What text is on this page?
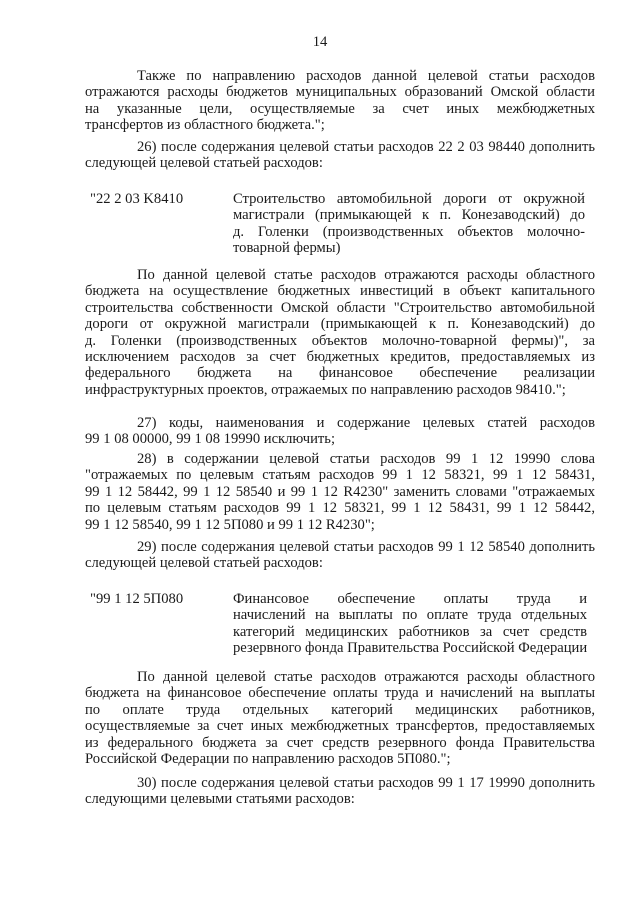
14
Также по направлению расходов данной целевой статьи расходов
отражаются расходы бюджетов муниципальных образований Омской области
на указанные цели, осуществляемые за счет иных межбюджетных
трансфертов из областного бюджета.";
26) после содержания целевой статьи расходов 22 2 03 98440 дополнить
следующей целевой статьей расходов:
"22 2 03 K8410	Строительство автомобильной дороги от окружной
магистрали (примыкающей к п. Конезаводский) до
д. Голенки (производственных объектов молочно-
товарной фермы)
По данной целевой статье расходов отражаются расходы областного
бюджета на осуществление бюджетных инвестиций в объект капитального
строительства собственности Омской области "Строительство автомобильной
дороги от окружной магистрали (примыкающей к п. Конезаводский) до
д. Голенки (производственных объектов молочно-товарной фермы)", за
исключением расходов за счет бюджетных кредитов, предоставляемых из
федерального бюджета на финансовое обеспечение реализации
инфраструктурных проектов, отражаемых по направлению расходов 98410.";
27) коды, наименования и содержание целевых статей расходов
99 1 08 00000, 99 1 08 19990 исключить;
28) в содержании целевой статьи расходов 99 1 12 19990 слова
"отражаемых по целевым статьям расходов 99 1 12 58321, 99 1 12 58431,
99 1 12 58442, 99 1 12 58540 и 99 1 12 R4230" заменить словами "отражаемых
по целевым статьям расходов 99 1 12 58321, 99 1 12 58431, 99 1 12 58442,
99 1 12 58540, 99 1 12 5П080 и 99 1 12 R4230";
29) после содержания целевой статьи расходов 99 1 12 58540 дополнить
следующей целевой статьей расходов:
"99 1 12 5П080	Финансовое обеспечение оплаты труда и
начислений на выплаты по оплате труда отдельных
категорий медицинских работников за счет средств
резервного фонда Правительства Российской Федерации
По данной целевой статье расходов отражаются расходы областного
бюджета на финансовое обеспечение оплаты труда и начислений на выплаты
по оплате труда отдельных категорий медицинских работников,
осуществляемые за счет иных межбюджетных трансфертов, предоставляемых
из федерального бюджета за счет средств резервного фонда Правительства
Российской Федерации по направлению расходов 5П080.";
30) после содержания целевой статьи расходов 99 1 17 19990 дополнить
следующими целевыми статьями расходов:
